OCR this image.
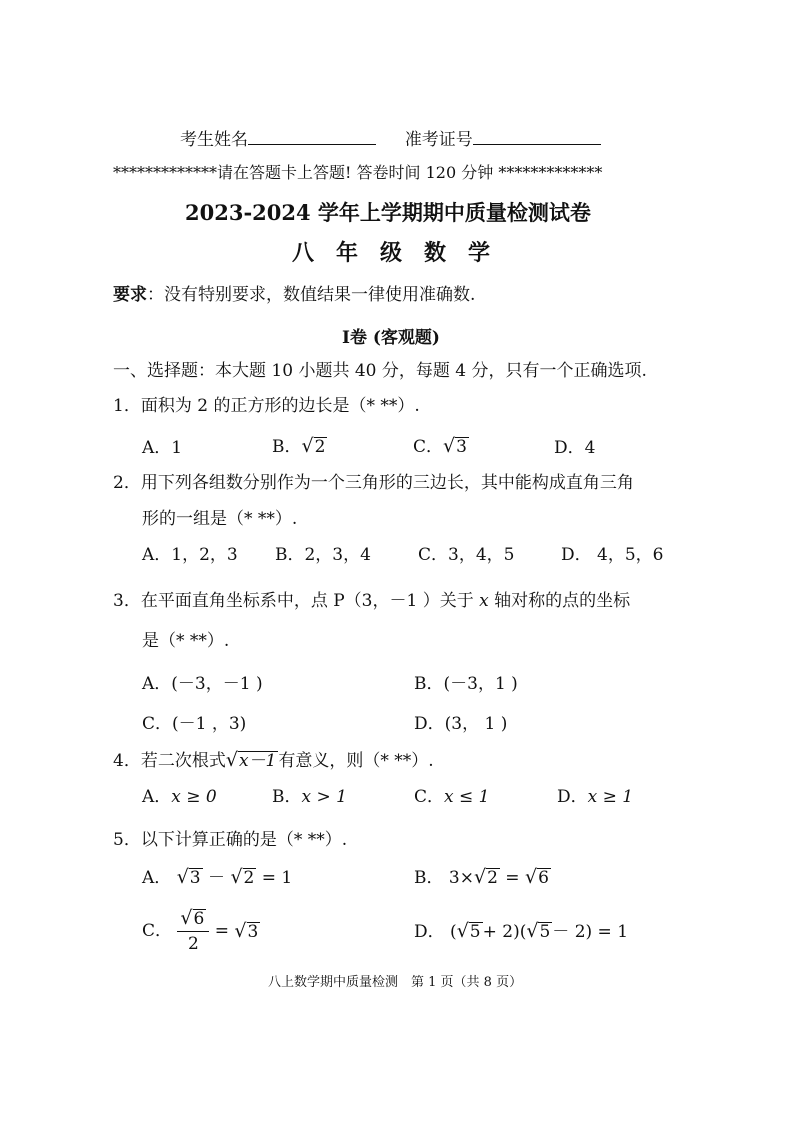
考生姓名	准考证号
*************请在答题卡上答题! 答卷时间 120 分钟 *************
2023-2024 学年上学期期中质量检测试卷
八年级数学
要求：没有特别要求，数值结果一律使用准确数.
Ⅰ卷 (客观题)
一、选择题：本大题 10 小题共 40 分，每题 4 分，只有一个正确选项.
1．面积为 2 的正方形的边长是（* **）.
A．1	B．√2	C．√3	D．4
2．用下列各组数分别作为一个三角形的三边长，其中能构成直角三角
形的一组是（* **）.
A．1，2，3 B．2，3，4	C．3，4，5	D． 4，5，6
3．在平面直角坐标系中，点 P（3，－1 ）关于 x 轴对称的点的坐标
是（* **）.
A．(－3，－1 )	B．(－3，1 )
C．(－1 ，3)	D．(3， 1 )
4．若二次根式√x－1 有意义，则（* **）.
A．x ≥ 0	B．x > 1	C．x ≤ 1	D．x ≥ 1
5．以下计算正确的是（* **）.
A． √3 － √2 = 1	B． 3×√2 = √6
C． $\frac{√6}{2} = √3$	D． (√5 + 2)(√5 － 2) = 1
八上数学期中质量检测　第 1 页（共 8 页）
